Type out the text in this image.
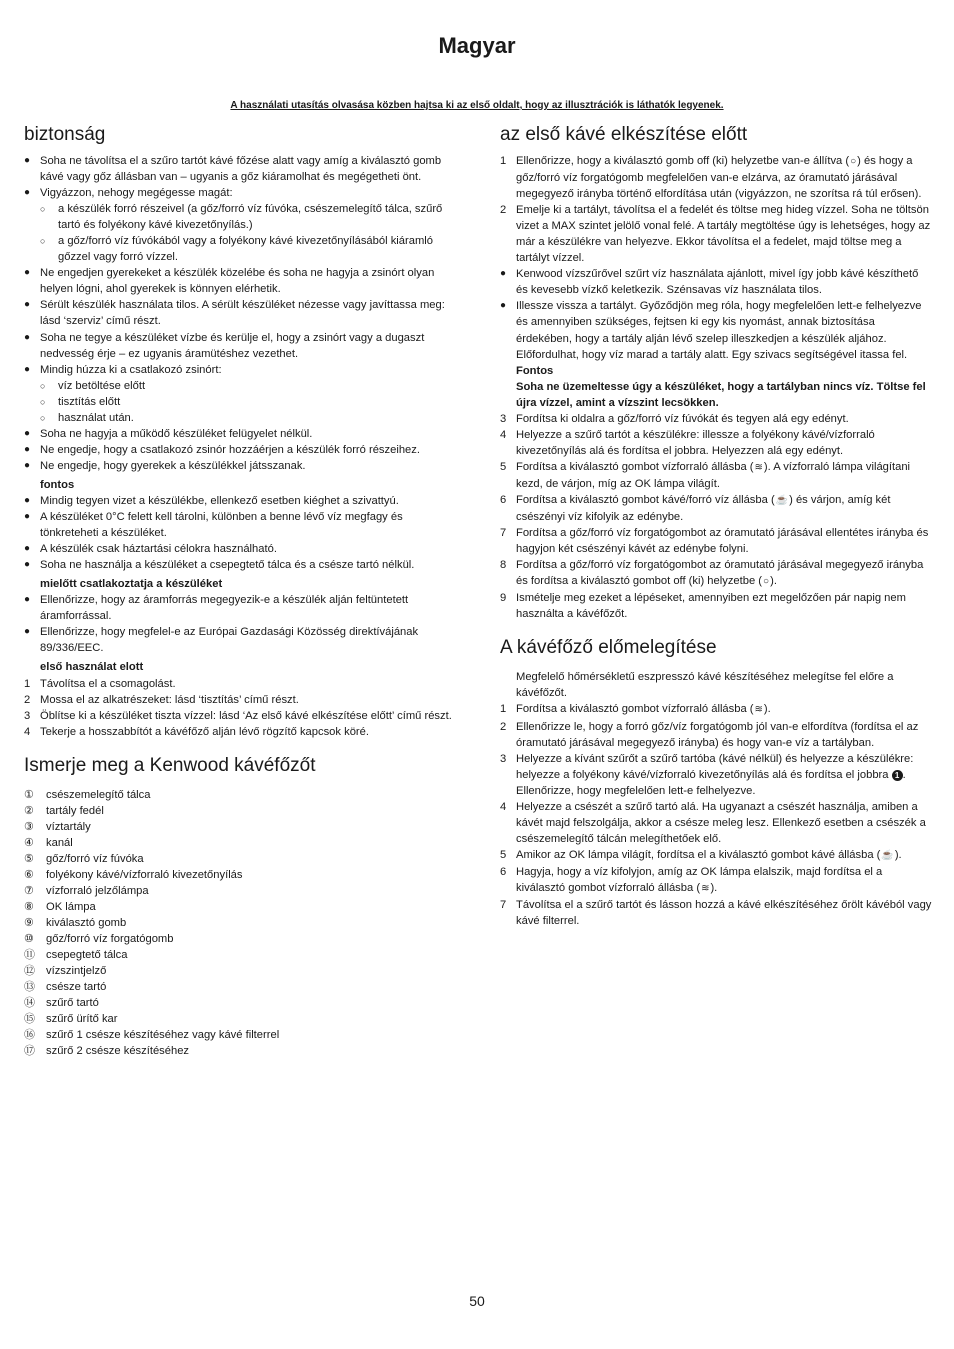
Magyar
A használati utasítás olvasása közben hajtsa ki az első oldalt, hogy az illusztrációk is láthatók legyenek.
biztonság
● Soha ne távolítsa el a szűro tartót kávé főzése alatt vagy amíg a kiválasztó gomb kávé vagy gőz állásban van – ugyanis a gőz kiáramolhat és megégetheti önt.
● Vigyázzon, nehogy megégesse magát:
○	a készülék forró részeivel (a gőz/forró víz fúvóka, csészemelegítő tálca, szűrő tartó és folyékony kávé kivezetőnyílás.)
○	a gőz/forró víz fúvókából vagy a folyékony kávé kivezetőnyílásából kiáramló gőzzel vagy forró vízzel.
● Ne engedjen gyerekeket a készülék közelébe és soha ne hagyja a zsinórt olyan helyen lógni, ahol gyerekek is könnyen elérhetik.
● Sérült készülék használata tilos. A sérült készüléket nézesse vagy javíttassa meg: lásd ‘szerviz’ című részt.
● Soha ne tegye a készüléket vízbe és kerülje el, hogy a zsinórt vagy a dugaszt nedvesség érje – ez ugyanis áramütéshez vezethet.
● Mindig húzza ki a csatlakozó zsinórt:
○	víz betöltése előtt
○	tisztítás előtt
○	használat után.
● Soha ne hagyja a működő készüléket felügyelet nélkül.
● Ne engedje, hogy a csatlakozó zsinór hozzáérjen a készülék forró részeihez.
● Ne engedje, hogy gyerekek a készülékkel játsszanak.
fontos
● Mindig tegyen vizet a készülékbe, ellenkező esetben kiéghet a szivattyú.
● A készüléket 0°C felett kell tárolni, különben a benne lévő víz megfagy és tönkreteheti a készüléket.
● A készülék csak háztartási célokra használható.
● Soha ne használja a készüléket a csepegtető tálca és a csésze tartó nélkül.
mielőtt csatlakoztatja a készüléket
● Ellenőrizze, hogy az áramforrás megegyezik-e a készülék alján feltüntetett áramforrással.
● Ellenőrizze, hogy megfelel-e az Európai Gazdasági Közösség direktívájának 89/336/EEC.
első használat elott
1 Távolítsa el a csomagolást.
2 Mossa el az alkatrészeket: lásd ‘tisztítás’ című részt.
3 Öblítse ki a készüléket tiszta vízzel: lásd ‘Az első kávé elkészítése előtt’ című részt.
4 Tekerje a hosszabbítót a kávéfőző alján lévő rögzítő kapcsok köré.
Ismerje meg a Kenwood kávéfőzőt
①	csészemelegítő tálca
②	tartály fedél
③	víztartály
④	kanál
⑤	gőz/forró víz fúvóka
⑥	folyékony kávé/vízforraló kivezetőnyílás
⑦	vízforraló jelzőlámpa
⑧	OK lámpa
⑨	kiválasztó gomb
⑩	gőz/forró víz forgatógomb
⑪ csepegtető tálca
⑫ vízszintjelző
⑬ csésze tartó
⑭ szűrő tartó
⑮ szűrő ürítő kar
⑯ szűrő 1 csésze készítéséhez vagy kávé filterrel
⑰ szűrő 2 csésze készítéséhez
az első kávé elkészítése előtt
1 Ellenőrizze, hogy a kiválasztó gomb off (ki) helyzetbe van-e állítva (○) és hogy a gőz/forró víz forgatógomb megfelelően van-e elzárva, az óramutató járásával megegyező irányba történő elfordítása után (vigyázzon, ne szorítsa rá túl erősen).
2 Emelje ki a tartályt, távolítsa el a fedelét és töltse meg hideg vízzel. Soha ne töltsön vizet a MAX szintet jelölő vonal felé. A tartály megtöltése úgy is lehetséges, hogy az már a készülékre van helyezve. Ekkor távolítsa el a fedelet, majd töltse meg a tartályt vízzel.
● Kenwood vízszűrővel szűrt víz használata ajánlott, mivel így jobb kávé készíthető és kevesebb vízkő keletkezik. Szénsavas víz használata tilos.
● Illessze vissza a tartályt. Győződjön meg róla, hogy megfelelően lett-e felhelyezve és amennyiben szükséges, fejtsen ki egy kis nyomást, annak biztosítása érdekében, hogy a tartály alján lévő szelep illeszkedjen a készülék aljához.
Előfordulhat, hogy víz marad a tartály alatt. Egy szivacs segítségével itassa fel.
Fontos
Soha ne üzemeltesse úgy a készüléket, hogy a tartályban nincs víz. Töltse fel újra vízzel, amint a vízszint lecsökken.
3 Fordítsa ki oldalra a gőz/forró víz fúvókát és tegyen alá egy edényt.
4 Helyezze a szűrő tartót a készülékre: illessze a folyékony kávé/vízforraló kivezetőnyílás alá és fordítsa el jobbra. Helyezzen alá egy edényt.
5 Fordítsa a kiválasztó gombot vízforraló állásba (≋). A vízforraló lámpa világítani kezd, de várjon, míg az OK lámpa világít.
6 Fordítsa a kiválasztó gombot kávé/forró víz állásba (☕) és várjon, amíg két csészényi víz kifolyik az edénybe.
7 Fordítsa a gőz/forró víz forgatógombot az óramutató járásával ellentétes irányba és hagyjon két csészényi kávét az edénybe folyni.
8 Fordítsa a gőz/forró víz forgatógombot az óramutató járásával megegyező irányba és fordítsa a kiválasztó gombot off (ki) helyzetbe (○).
9 Ismételje meg ezeket a lépéseket, amennyiben ezt megelőzően pár napig nem használta a kávéfőzőt.
A kávéfőző előmelegítése
Megfelelő hőmérsékletű eszpresszó kávé készítéséhez melegítse fel előre a kávéfőzőt.
1 Fordítsa a kiválasztó gombot vízforraló állásba (≋).
2 Ellenőrizze le, hogy a forró gőz/víz forgatógomb jól van-e elfordítva (fordítsa el az óramutató járásával megegyező irányba) és hogy van-e víz a tartályban.
3 Helyezze a kívánt szűrőt a szűrő tartóba (kávé nélkül) és helyezze a készülékre: helyezze a folyékony kávé/vízforraló kivezetőnyílás alá és fordítsa el jobbra 1 . Ellenőrizze, hogy megfelelően lett-e felhelyezve.
4 Helyezze a csészét a szűrő tartó alá. Ha ugyanazt a csészét használja, amiben a kávét majd felszolgálja, akkor a csésze meleg lesz. Ellenkező esetben a csészék a csészemelegítő tálcán melegíthetőek elő.
5 Amikor az OK lámpa világít, fordítsa el a kiválasztó gombot kávé állásba (☕).
6 Hagyja, hogy a víz kifolyjon, amíg az OK lámpa elalszik, majd fordítsa el a kiválasztó gombot vízforraló állásba (≋).
7 Távolítsa el a szűrő tartót és lásson hozzá a kávé elkészítéséhez őrölt kávéból vagy kávé filterrel.
50
